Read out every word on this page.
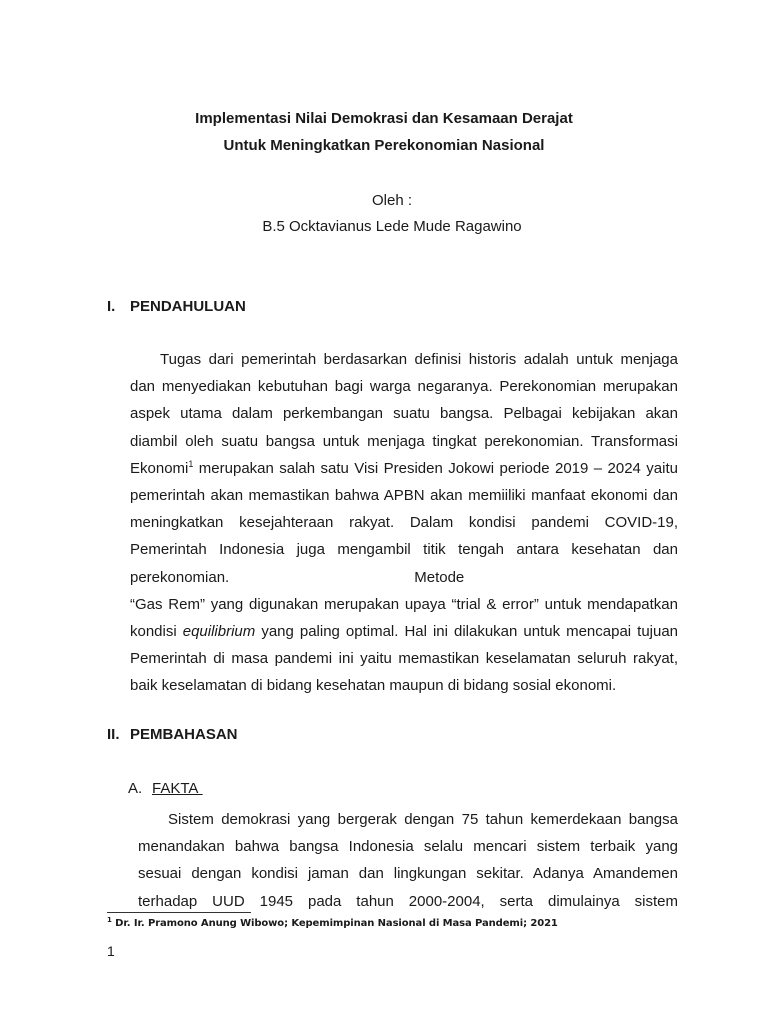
Implementasi Nilai Demokrasi dan Kesamaan Derajat
Untuk Meningkatkan Perekonomian Nasional
Oleh :
B.5 Ocktavianus Lede Mude Ragawino
I. PENDAHULUAN
Tugas dari pemerintah berdasarkan definisi historis adalah untuk menjaga
dan menyediakan kebutuhan bagi warga negaranya. Perekonomian merupakan
aspek utama dalam perkembangan suatu bangsa. Pelbagai kebijakan akan
diambil oleh suatu bangsa untuk menjaga tingkat perekonomian. Transformasi
Ekonomi$^1$ merupakan salah satu Visi Presiden Jokowi periode 2019 – 2024 yaitu
pemerintah akan memastikan bahwa APBN akan memiiliki manfaat ekonomi dan
meningkatkan kesejahteraan rakyat. Dalam kondisi pandemi COVID-19,
Pemerintah Indonesia juga mengambil titik tengah antara kesehatan dan
perekonomian.	Metode
“Gas Rem” yang digunakan merupakan upaya “trial & error” untuk mendapatkan
kondisi equilibrium yang paling optimal. Hal ini dilakukan untuk mencapai tujuan
Pemerintah di masa pandemi ini yaitu memastikan keselamatan seluruh rakyat,
baik keselamatan di bidang kesehatan maupun di bidang sosial ekonomi.
II. PEMBAHASAN
A. FAKTA
Sistem demokrasi yang bergerak dengan 75 tahun kemerdekaan bangsa
menandakan bahwa bangsa Indonesia selalu mencari sistem terbaik yang
sesuai dengan kondisi jaman dan lingkungan sekitar. Adanya Amandemen
terhadap UUD 1945 pada tahun 2000-2004, serta dimulainya sistem
$^1$ Dr. Ir. Pramono Anung Wibowo; Kepemimpinan Nasional di Masa Pandemi; 2021
1
